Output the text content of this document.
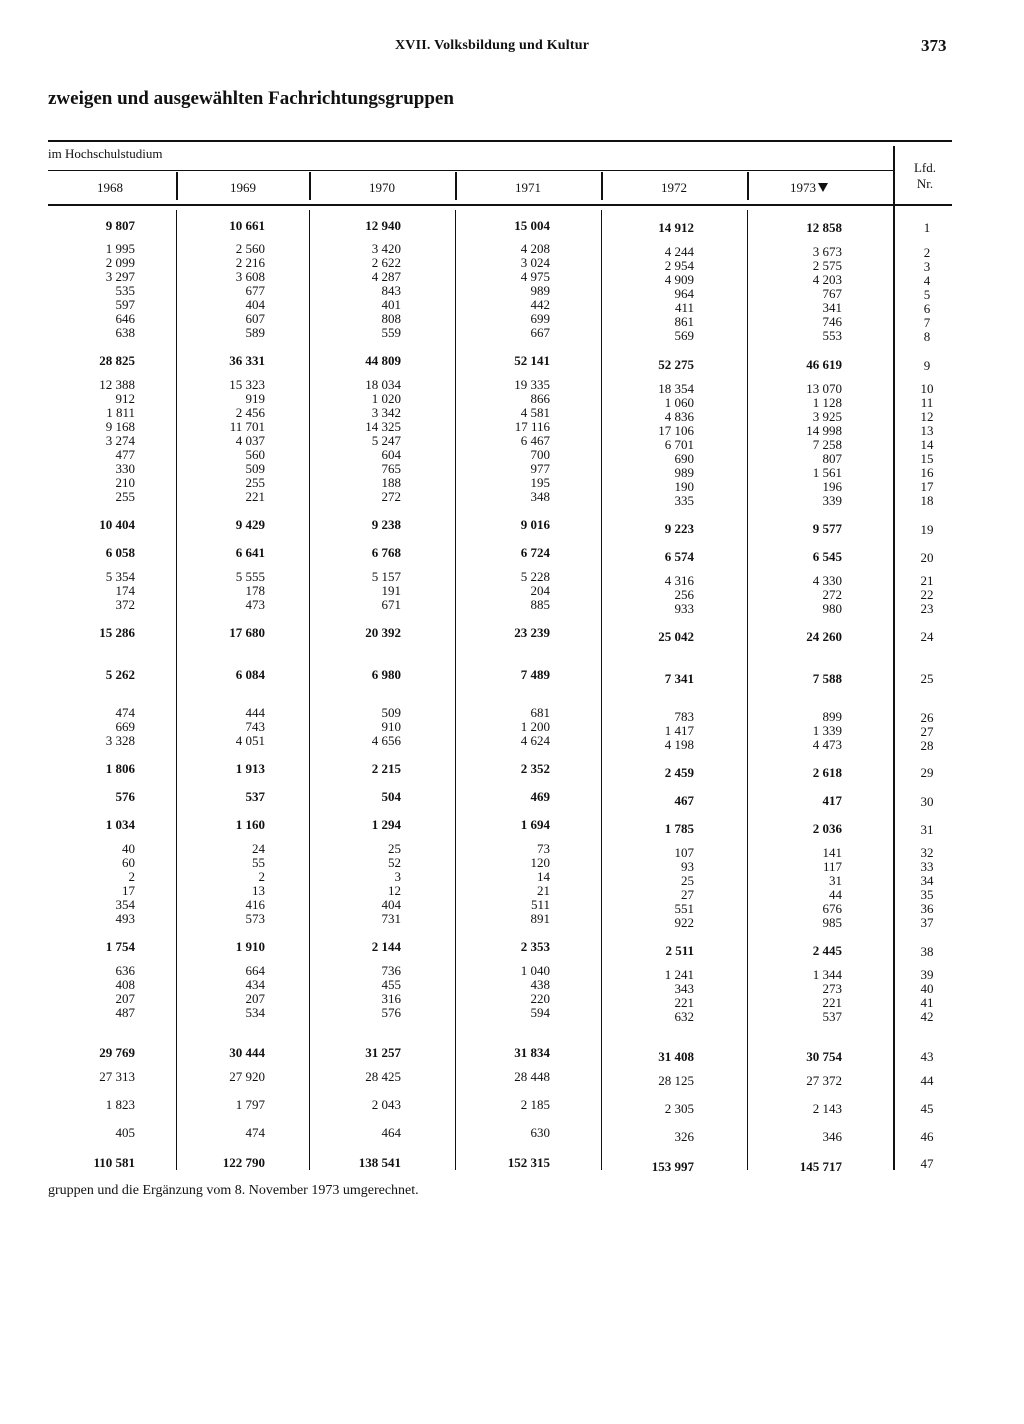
XVII. Volksbildung und Kultur	373
zweigen und ausgewählten Fachrichtungsgruppen
im Hochschulstudium
Lfd.
Nr.
1968	1969	1970	1971	1972	1973
9 807	10 661	12 940	15 004	14 912	12 858	1
1 995	2 560	3 420	4 208	4 244	3 673	2
2 099	2 216	2 622	3 024	2 954	2 575	3
3 297	3 608	4 287	4 975	4 909	4 203	4
535	677	843	989	964	767	5
597	404	401	442	411	341	6
646	607	808	699	861	746	7
638	589	559	667	569	553	8
28 825	36 331	44 809	52 141	52 275	46 619	9
12 388	15 323	18 034	19 335	18 354	13 070	10
912	919	1 020	866	1 060	1 128	11
1 811	2 456	3 342	4 581	4 836	3 925	12
9 168	11 701	14 325	17 116	17 106	14 998	13
3 274	4 037	5 247	6 467	6 701	7 258	14
477	560	604	700	690	807	15
330	509	765	977	989	1 561	16
210	255	188	195	190	196	17
255	221	272	348	335	339	18
10 404	9 429	9 238	9 016	9 223	9 577	19
6 058	6 641	6 768	6 724	6 574	6 545	20
5 354	5 555	5 157	5 228	4 316	4 330	21
174	178	191	204	256	272	22
372	473	671	885	933	980	23
15 286	17 680	20 392	23 239	25 042	24 260	24
5 262	6 084	6 980	7 489	7 341	7 588	25
474	444	509	681	783	899	26
669	743	910	1 200	1 417	1 339	27
3 328	4 051	4 656	4 624	4 198	4 473	28
1 806	1 913	2 215	2 352	2 459	2 618	29
576	537	504	469	467	417	30
1 034	1 160	1 294	1 694	1 785	2 036	31
40	24	25	73	107	141	32
60	55	52	120	93	117	33
2	2	3	14	25	31	34
17	13	12	21	27	44	35
354	416	404	511	551	676	36
493	573	731	891	922	985	37
1 754	1 910	2 144	2 353	2 511	2 445	38
636	664	736	1 040	1 241	1 344	39
408	434	455	438	343	273	40
207	207	316	220	221	221	41
487	534	576	594	632	537	42
29 769	30 444	31 257	31 834	31 408	30 754	43
27 313	27 920	28 425	28 448	28 125	27 372	44
1 823	1 797	2 043	2 185	2 305	2 143	45
405	474	464	630	326	346	46
110 581	122 790	138 541	152 315	153 997	145 717	47
gruppen und die Ergänzung vom 8. November 1973 umgerechnet.
